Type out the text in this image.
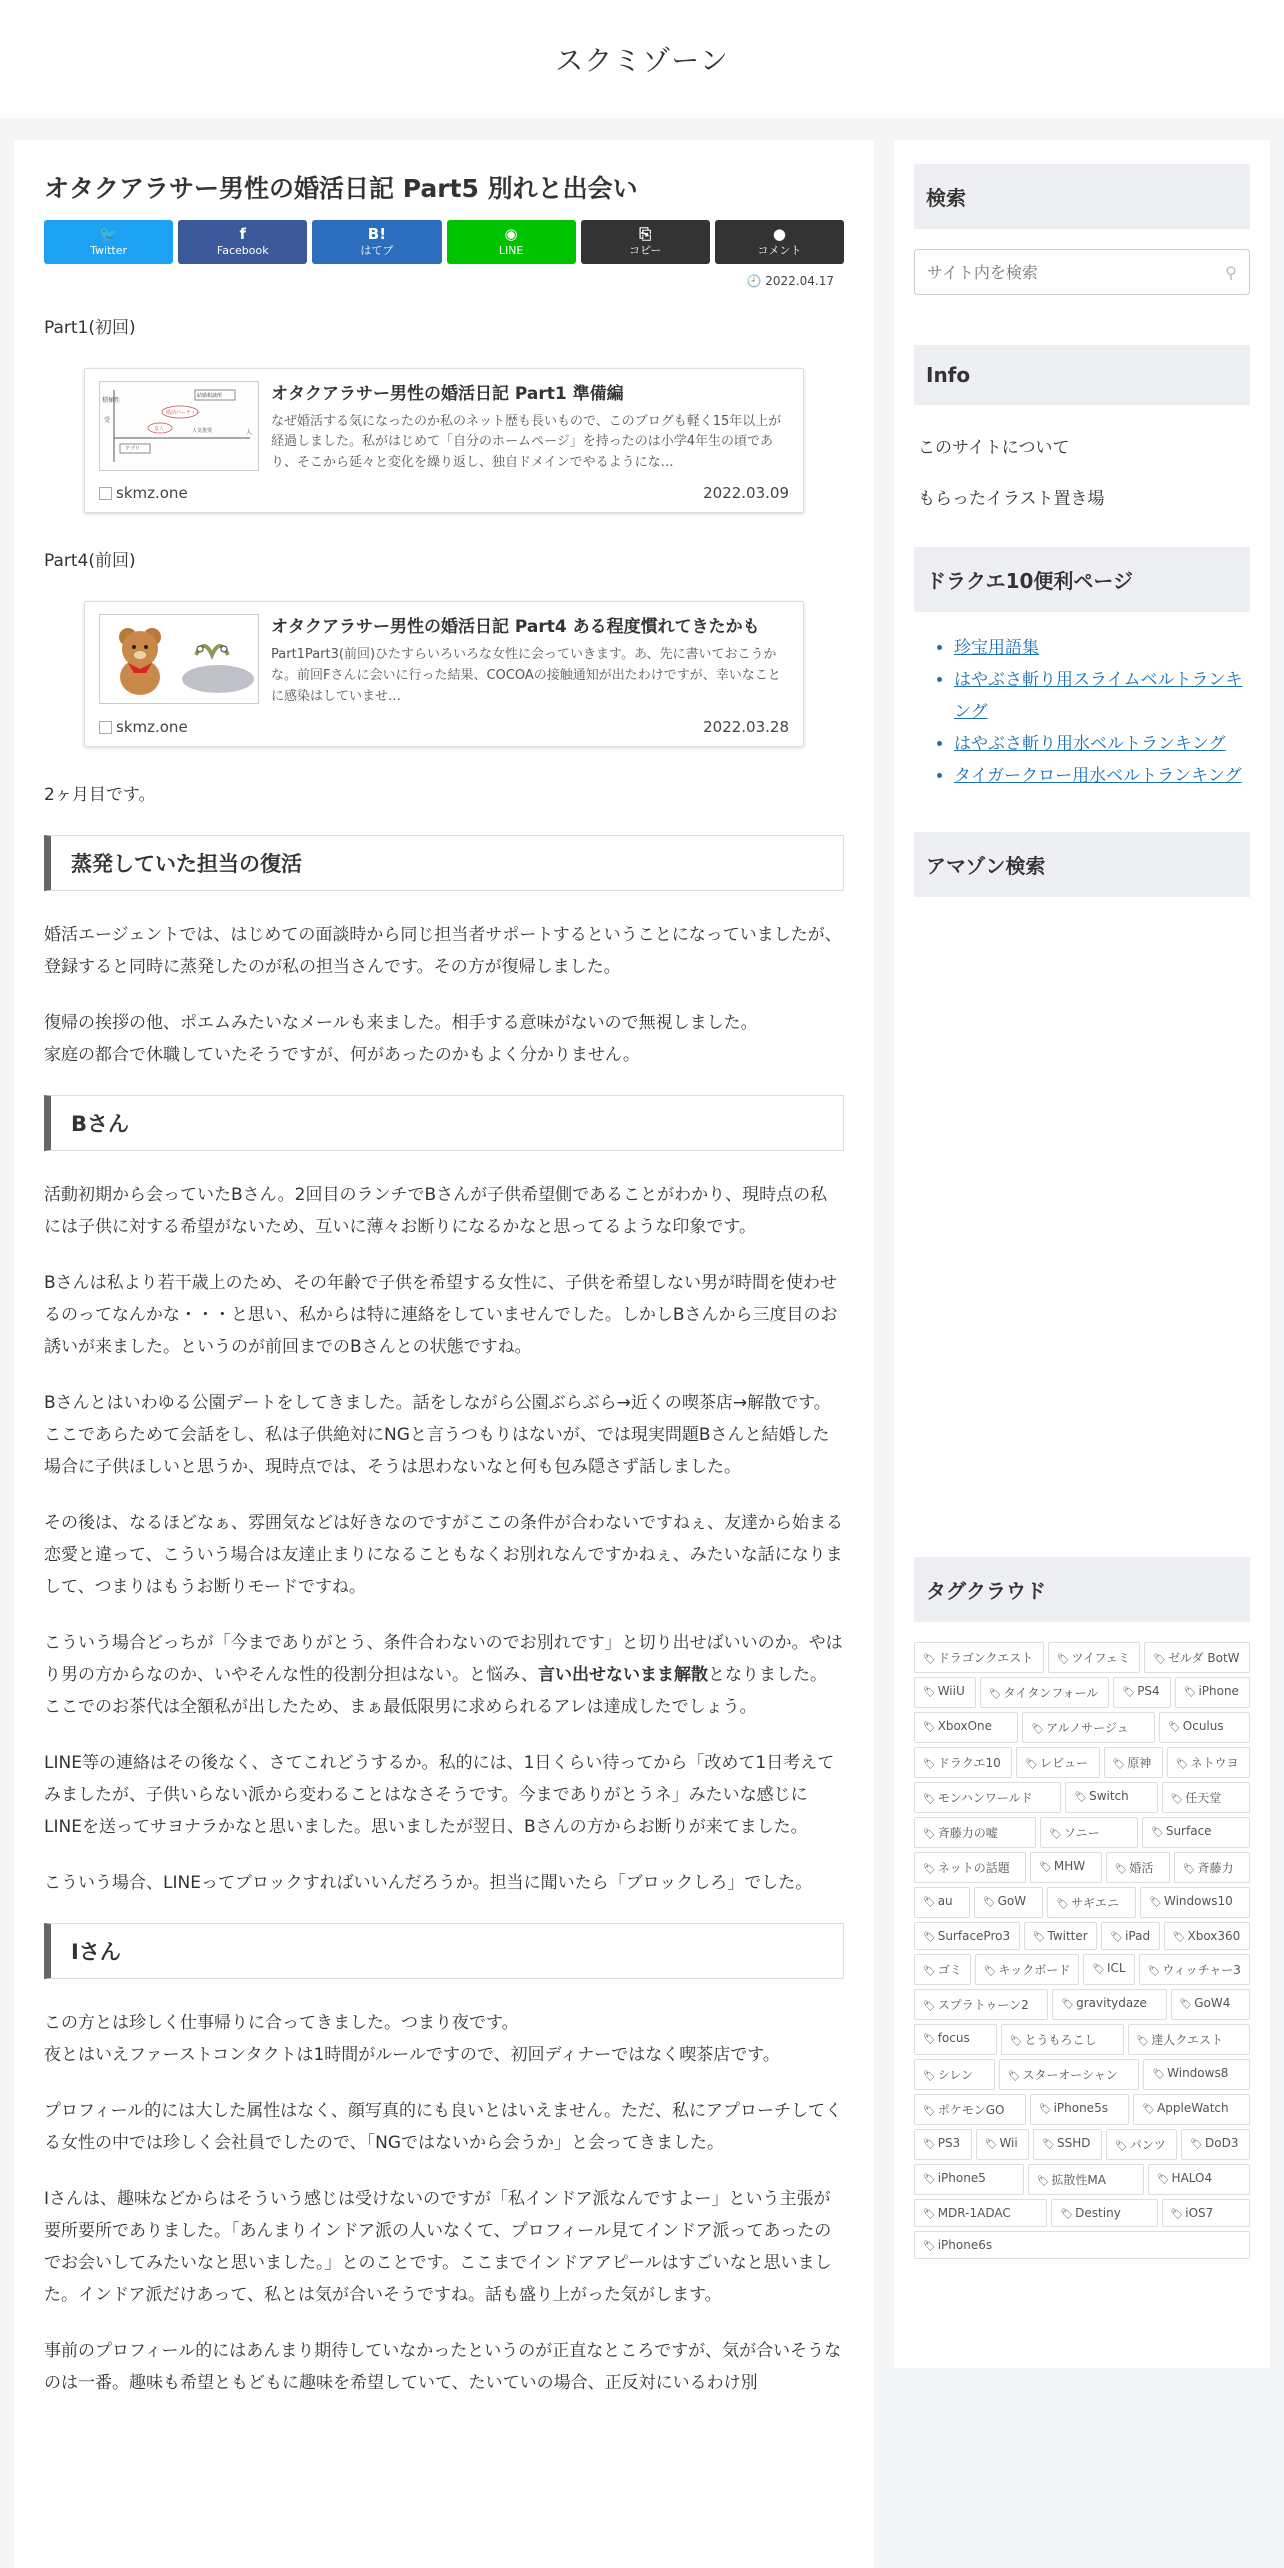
スクミゾーン
オタクアラサー男性の婚活日記 Part5 別れと出会い
🐦
Twitter
f
Facebook
B!
はてブ
◉
LINE
⎘
コピー
●
コメント
🕘 2022.04.17

Part1(初回)

積極性
受
結婚相談所
アプリ
婚活パーティー
友人	人気推奨	人
オタクアラサー男性の婚活日記 Part1 準備編
なぜ婚活する気になったのか私のネット歴も長いもので、このブログも軽く15年以上が経過しました。私がはじめて「自分のホームページ」を持ったのは小学4年生の頃であり、そこから延々と変化を繰り返し、独自ドメインでやるようにな…
skmz.one	2022.03.09

Part4(前回)

オタクアラサー男性の婚活日記 Part4 ある程度慣れてきたかも
Part1Part3(前回)ひたすらいろいろな女性に会っていきます。あ、先に書いておこうかな。前回Fさんに会いに行った結果、COCOAの接触通知が出たわけですが、幸いなことに感染はしていませ…
skmz.one	2022.03.28

2ヶ月目です。

蒸発していた担当の復活

婚活エージェントでは、はじめての面談時から同じ担当者サポートするということになっていましたが、登録すると同時に蒸発したのが私の担当さんです。その方が復帰しました。

復帰の挨拶の他、ポエムみたいなメールも来ました。相手する意味がないので無視しました。
家庭の都合で休職していたそうですが、何があったのかもよく分かりません。

Bさん

活動初期から会っていたBさん。2回目のランチでBさんが子供希望側であることがわかり、現時点の私には子供に対する希望がないため、互いに薄々お断りになるかなと思ってるような印象です。

Bさんは私より若干歳上のため、その年齢で子供を希望する女性に、子供を希望しない男が時間を使わせるのってなんかな・・・と思い、私からは特に連絡をしていませんでした。しかしBさんから三度目のお誘いが来ました。というのが前回までのBさんとの状態ですね。

Bさんとはいわゆる公園デートをしてきました。話をしながら公園ぶらぶら→近くの喫茶店→解散です。
ここであらためて会話をし、私は子供絶対にNGと言うつもりはないが、では現実問題Bさんと結婚した場合に子供ほしいと思うか、現時点では、そうは思わないなと何も包み隠さず話しました。

その後は、なるほどなぁ、雰囲気などは好きなのですがここの条件が合わないですねぇ、友達から始まる恋愛と違って、こういう場合は友達止まりになることもなくお別れなんですかねぇ、みたいな話になりまして、つまりはもうお断りモードですね。

こういう場合どっちが「今までありがとう、条件合わないのでお別れです」と切り出せばいいのか。やはり男の方からなのか、いやそんな性的役割分担はない。と悩み、言い出せないまま解散となりました。ここでのお茶代は全額私が出したため、まぁ最低限男に求められるアレは達成したでしょう。

LINE等の連絡はその後なく、さてこれどうするか。私的には、1日くらい待ってから「改めて1日考えてみましたが、子供いらない派から変わることはなさそうです。今までありがとうネ」みたいな感じにLINEを送ってサヨナラかなと思いました。思いましたが翌日、Bさんの方からお断りが来てました。

こういう場合、LINEってブロックすればいいんだろうか。担当に聞いたら「ブロックしろ」でした。

Iさん

この方とは珍しく仕事帰りに合ってきました。つまり夜です。
夜とはいえファーストコンタクトは1時間がルールですので、初回ディナーではなく喫茶店です。

プロフィール的には大した属性はなく、顔写真的にも良いとはいえません。ただ、私にアプローチしてくる女性の中では珍しく会社員でしたので、「NGではないから会うか」と会ってきました。

Iさんは、趣味などからはそういう感じは受けないのですが「私インドア派なんですよー」という主張が要所要所でありました。「あんまりインドア派の人いなくて、プロフィール見てインドア派ってあったのでお会いしてみたいなと思いました。」とのことです。ここまでインドアアピールはすごいなと思いました。インドア派だけあって、私とは気が合いそうですね。話も盛り上がった気がします。

事前のプロフィール的にはあんまり期待していなかったというのが正直なところですが、気が合いそうなのは一番。趣味も希望ともどもに趣味を希望していて、たいていの場合、正反対にいるわけ別

検索
サイト内を検索
⚲
Info
このサイトについて
もらったイラスト置き場
ドラクエ10便利ページ
• 珍宝用語集
• はやぶさ斬り用スライムベルトランキング
• はやぶさ斬り用水ベルトランキング
• タイガークロー用水ベルトランキング
アマゾン検索
タグクラウド
🏷 ドラゴンクエスト	🏷 ツイフェミ	🏷 ゼルダ BotW
🏷 WiiU	🏷 タイタンフォール	🏷 PS4	🏷 iPhone
🏷 XboxOne	🏷 アルノサージュ	🏷 Oculus
🏷 ドラクエ10	🏷 レビュー	🏷 原神	🏷 ネトウヨ
🏷 モンハンワールド	🏷 Switch	🏷 任天堂
🏷 斉藤力の嘘	🏷 ソニー	🏷 Surface
🏷 ネットの話題	🏷 MHW	🏷 婚活	🏷 斉藤力
🏷 au	🏷 GoW	🏷 サギエニ	🏷 Windows10
🏷 SurfacePro3	🏷 Twitter	🏷 iPad	🏷 Xbox360
🏷 ゴミ	🏷 キックボード	🏷 ICL	🏷 ウィッチャー3
🏷 スプラトゥーン2	🏷 gravitydaze	🏷 GoW4
🏷 focus	🏷 とうもろこし	🏷 達人クエスト
🏷 シレン	🏷 スターオーシャン	🏷 Windows8
🏷 ポケモンGO	🏷 iPhone5s	🏷 AppleWatch
🏷 PS3	🏷 Wii	🏷 SSHD	🏷 パンツ	🏷 DoD3
🏷 iPhone5	🏷 拡散性MA	🏷 HALO4
🏷 MDR-1ADAC	🏷 Destiny	🏷 iOS7
🏷 iPhone6s
